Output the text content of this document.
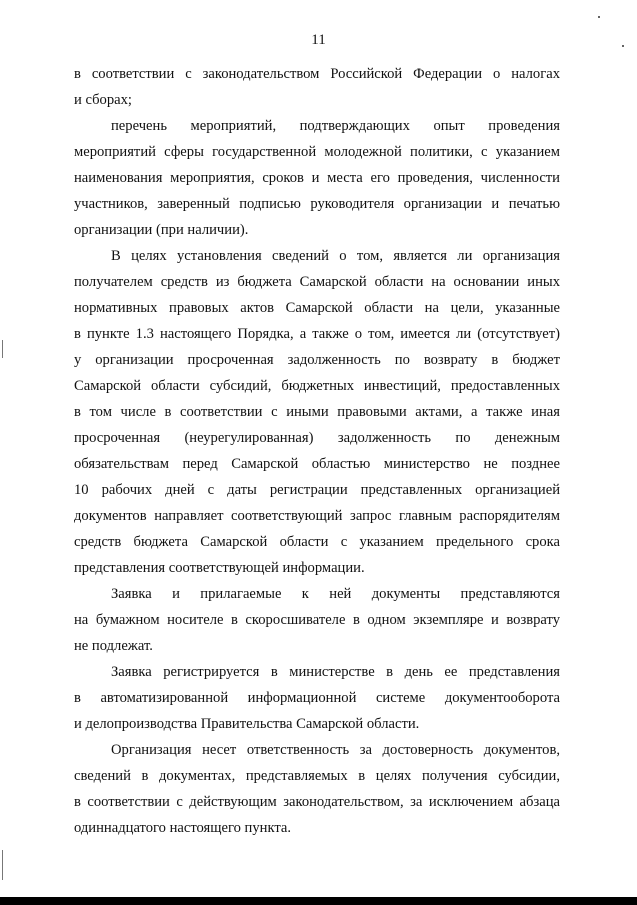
11
в соответствии с законодательством Российской Федерации о налогах
и сборах;
перечень мероприятий, подтверждающих опыт проведения
мероприятий сферы государственной молодежной политики, с указанием
наименования мероприятия, сроков и места его проведения, численности
участников, заверенный подписью руководителя организации и печатью
организации (при наличии).
В целях установления сведений о том, является ли организация
получателем средств из бюджета Самарской области на основании иных
нормативных правовых актов Самарской области на цели, указанные
в пункте 1.3 настоящего Порядка, а также о том, имеется ли (отсутствует)
у организации просроченная задолженность по возврату в бюджет
Самарской области субсидий, бюджетных инвестиций, предоставленных
в том числе в соответствии с иными правовыми актами, а также иная
просроченная (неурегулированная) задолженность по денежным
обязательствам перед Самарской областью министерство не позднее
10 рабочих дней с даты регистрации представленных организацией
документов направляет соответствующий запрос главным распорядителям
средств бюджета Самарской области с указанием предельного срока
представления соответствующей информации.
Заявка и прилагаемые к ней документы представляются
на бумажном носителе в скоросшивателе в одном экземпляре и возврату
не подлежат.
Заявка регистрируется в министерстве в день ее представления
в автоматизированной информационной системе документооборота
и делопроизводства Правительства Самарской области.
Организация несет ответственность за достоверность документов,
сведений в документах, представляемых в целях получения субсидии,
в соответствии с действующим законодательством, за исключением абзаца
одиннадцатого настоящего пункта.
